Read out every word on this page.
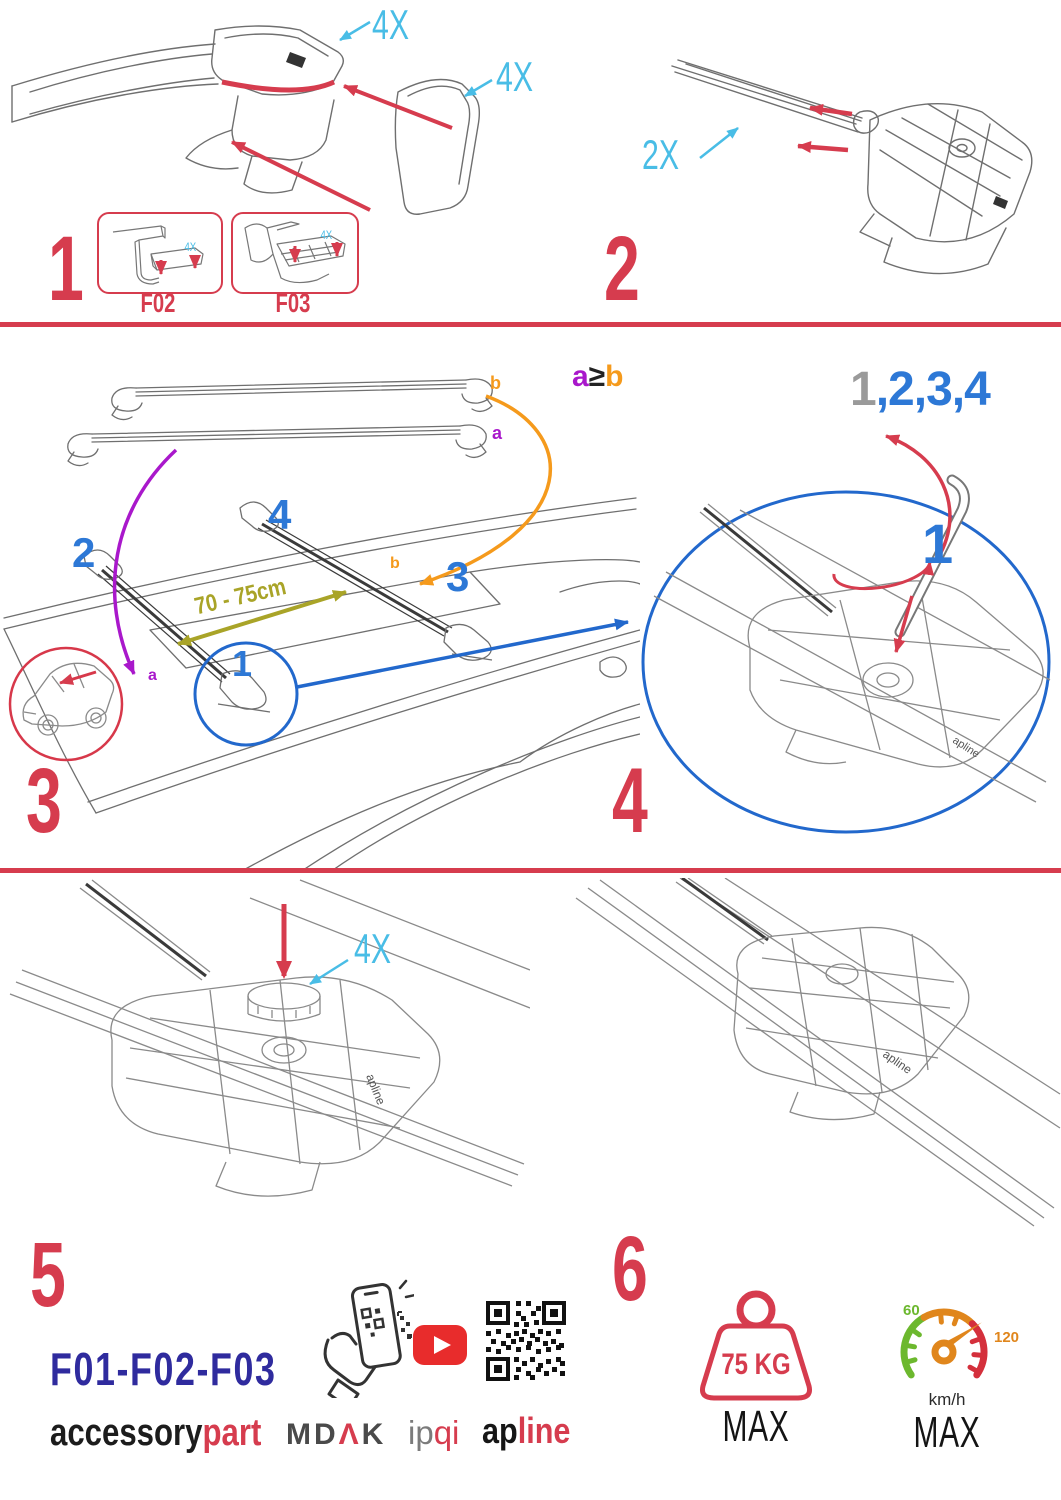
4X
4X
4X
F02
4X
F03
1
2X
2
b
a
a≥b
2
4
3
1
70 - 75cm
a
b
3
apline
1,2,3,4
1
4
apline
4X
5
apline
6
F01-F02-F03
accessorypart MDΛK ipqi apline
75 KG
MAX
60
120
km/h
MAX
